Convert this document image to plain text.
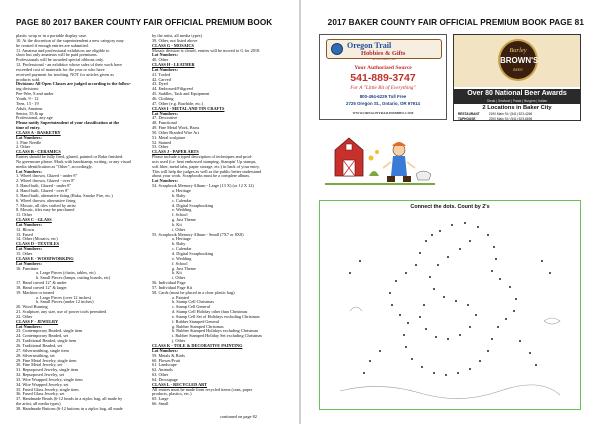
PAGE 80 2017 BAKER COUNTY FAIR OFFICIAL PREMIUM BOOK

plastic wrap or in a portable display case.

10. At the discretion of the superintendent a new category may

be created if enough entries are submitted.

11. Amateur and professional exhibitors are eligible to

show but only amateurs will be paid premiums.

Professionals will be awarded special ribbons only.

12. Professional - an exhibitor whose sales of their work have

exceeded cost of materials for the year or who have

received payment for teaching. NOT for articles given as

products sold.

Divisions: All Open Classes are judged according to the follow-

ing divisions:

Pee-Wee, 8 and under

Youth, 9 - 12

Teen, 13 - 19

Adult, Amateur

Senior, 55 & up

Professional, any age

Please notify Superintendent of your classification at the

time of entry.

CLASS A - BASKETRY

Lot Numbers:

1. Pine Needle

2. Other

CLASS B - CERAMICS

Entries should be fully fired, glazed, painted or Raku finished.

No greenware please. Mark with handstamp, writing, or any visual

media identification as "Other", accordingly.

Lot Numbers:

1. Wheel thrown, Glazed - under 8"

2. Wheel thrown, Glazed - over 8"

3. Hand built, Glazed - under 8"

4. Hand built, Glazed - over 8"

5. Hand built, alternative firing (Raku, Smoke Fire, etc.)

6. Wheel thrown, alternative firing

7. Mosaic, all tiles crafted by artist

8. Mosaic, tiles may be purchased

11. Other

CLASS C - GLASS

Lot Numbers:

12. Blown

13. Fused

14. Other (Mosaics, etc)

CLASS D - TEXTILES

Lot Numbers:

15. Other

CLASS E - WOODWORKING

Lot Numbers:

16. Furniture

a. Large Pieces (chairs, tables, etc)

b. Small Pieces (lamps, cutting boards, etc)

17. Hand carved 12" & under

18. Hand carved 12" & larger

19. Machine or turned

a. Large Pieces (over 12 inches)

b. Small Pieces (under 12 inches)

20. Wood Burning

21. Sculpture, any size, use of power tools permitted

22. Other

CLASS F - JEWELRY

Lot Numbers:

23. Contemporary Beaded, single item

24. Contemporary Beaded, set

25. Traditional Beaded, single item

26. Traditional Beaded, set

27. Silversmithing, single item

28. Silversmithing, set

29. Fine Metal Jewelry, single item

30. Fine Metal Jewelry, set

31. Repurposed Jewelry, single item

32. Repurposed Jewelry, set

33. Wire Wrapped Jewelry, single item

34. Wire Wrapped Jewelry, set

35. Fused Glass Jewelry, single item

36. Fused Glass Jewelry, set

37. Handmade Beads (6-12 beads in a ziploc bag, all made by

the artist, all media types)

38. Handmade Buttons (6-12 buttons in a ziploc bag, all made

by the artist, all media types)

39. Other, not listed above

CLASS G - MOSAICS

Mosaic division is closed, entries will be moved to G for 2018.

Lot Numbers:

40. Other

CLASS H - LEATHER

Lot Numbers:

41. Tooled

42. Carved

43. Dyed

44. Embossed/Filigreed

45. Saddles, Tack and Equipment

46. Clothing

47. Other (e.g. Rawhide, etc.)

CLASS I - METAL AND TIN CRAFTS

Lot Numbers:

47. Decorative

48. Functional

49. Fine Metal Work, Brass

50. Other Braided Wire Art

51. Metal sculpture

52. Stained

53. Other

CLASS J - PAPER ARTS

Please include a typed description of techniques and prod-

ucts used (i.e. heat embossed stamping, Stampin' Up stamps,

soft fiber, metal tabs, paper storage, etc.) in back of your entry.

This will help the judges as well as the public better understand

about your work. Scrapbooks must be a complete album.

Lot Numbers:

54. Scrapbook Memory Album - Large (13 X) (or 12 X 12)

a. Heritage

b. Baby

c. Calendar

d. Digital Scrapbooking

e. Wedding

f. School

g. Just Theme

h. Kit

i. Other

55. Scrapbook Memory Album - Small (7X7 or 8X8)

a. Heritage

b. Baby

c. Calendar

d. Digital Scrapbooking

e. Wedding

f. School

g. Just Theme

h. Kit

i. Other

56. Individual Page

57. Individual Page Kit

58. Cards (must be placed in a clear plastic bag)

a. Painted

b. Stamp Cell Christmas

c. Stamp Cell General

d. Stamp Cell Holiday other than Christmas

e. Stamp Cell Set of Holidays excluding Christmas

f. Rubber Stamped General

g. Rubber Stamped Christmas

h. Rubber Stamped Holidays excluding Christmas

i. Rubber Stamped Holiday Set excluding Christmas

j. Other

CLASS K - TOLE & DECORATIVE PAINTING

Lot Numbers:

59. Metals & Birds

60. Flower/Fruit

61. Landscape

62. Animals

63. Other

64. Decoupage

CLASS L - RECYCLED ART

All entries must be made from recycled items (cans, paper

products, plastics, etc.)

65. Large

66. Small

continued on page 82
2017 BAKER COUNTY FAIR OFFICIAL PREMIUM BOOK PAGE 81
Oregon Trail
Hobbies & Gifts
"We will outlive you!"
Your Authorized Source
541-889-3747
For A "Little Bit of Everything"
800-494-6229 Toll Free
2725 Oregon St., Ontario, OR 97914
WWW.OREGONTRAILHOBBIES.COM
Barley
BROWN'S
BEER
Over 80 National Beer Awards
Steak | Seafood | Pasta | Burgers | Italian
2 Locations in Baker City
RESTAURANT	2190 Main St / (541) 523-4266
TAPHOUSE	2200 Main St / (541) 523-6695
Connect the dots. Count by 2's
